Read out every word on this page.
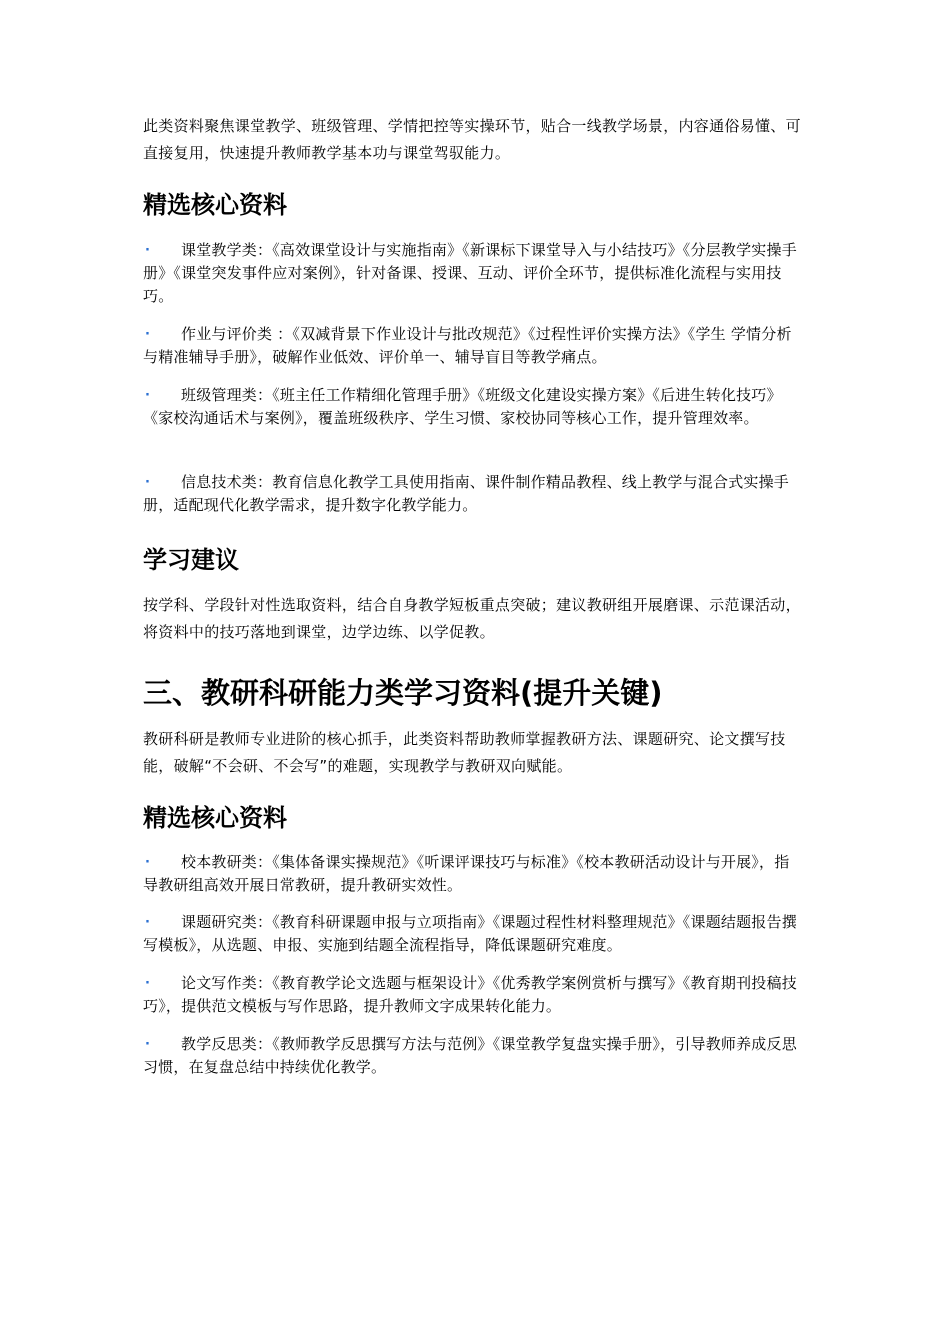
此类资料聚焦课堂教学、班级管理、学情把控等实操环节，贴合一线教学场景，内容通俗易懂、可直接复用，快速提升教师教学基本功与课堂驾驭能力。

精选核心资料

· 课堂教学类：《高效课堂设计与实施指南》《新课标下课堂导入与小结技巧》《分层教学实操手册》《课堂突发事件应对案例》，针对备课、授课、互动、评价全环节，提供标准化流程与实用技巧。

· 作业与评价类 ：《双减背景下作业设计与批改规范》《过程性评价实操方法》《学生 学情分析与精准辅导手册》，破解作业低效、评价单一、辅导盲目等教学痛点。

· 班级管理类：《班主任工作精细化管理手册》《班级文化建设实操方案》《后进生转化技巧》《家校沟通话术与案例》，覆盖班级秩序、学生习惯、家校协同等核心工作，提升管理效率。

· 信息技术类：教育信息化教学工具使用指南、课件制作精品教程、线上教学与混合式实操手册，适配现代化教学需求，提升数字化教学能力。

学习建议

按学科、学段针对性选取资料，结合自身教学短板重点突破；建议教研组开展磨课、示范课活动，将资料中的技巧落地到课堂，边学边练、以学促教。

三、教研科研能力类学习资料(提升关键)

教研科研是教师专业进阶的核心抓手，此类资料帮助教师掌握教研方法、课题研究、论文撰写技能，破解“不会研、不会写”的难题，实现教学与教研双向赋能。

精选核心资料

· 校本教研类：《集体备课实操规范》《听课评课技巧与标准》《校本教研活动设计与开展》，指导教研组高效开展日常教研，提升教研实效性。

· 课题研究类：《教育科研课题申报与立项指南》《课题过程性材料整理规范》《课题结题报告撰写模板》，从选题、申报、实施到结题全流程指导，降低课题研究难度。

· 论文写作类：《教育教学论文选题与框架设计》《优秀教学案例赏析与撰写》《教育期刊投稿技巧》，提供范文模板与写作思路，提升教师文字成果转化能力。

· 教学反思类：《教师教学反思撰写方法与范例》《课堂教学复盘实操手册》，引导教师养成反思习惯，在复盘总结中持续优化教学。
